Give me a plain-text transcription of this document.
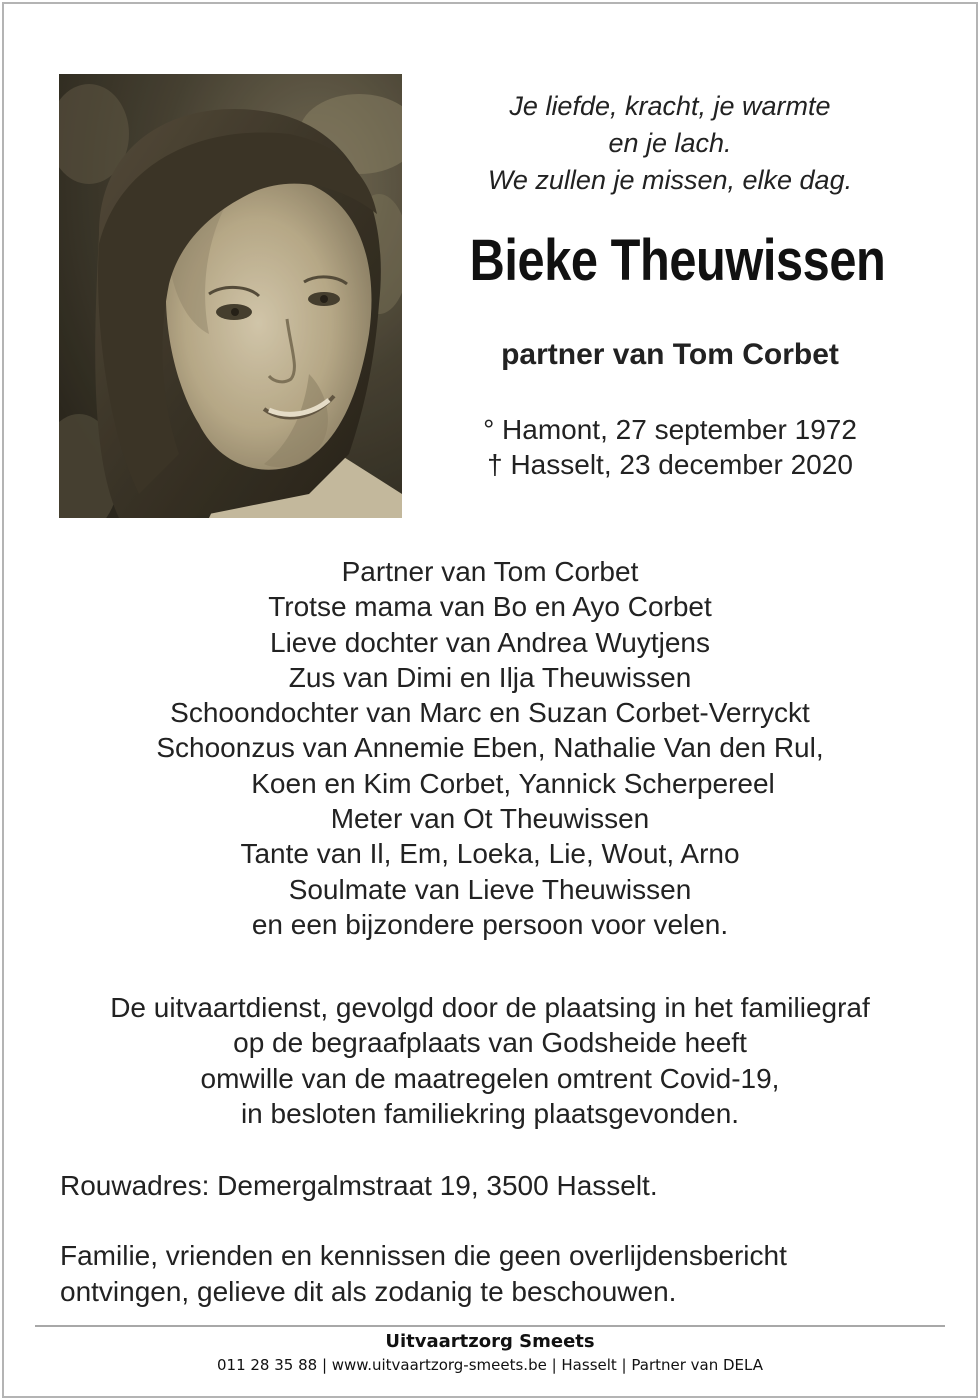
Je liefde, kracht, je warmte
en je lach.
We zullen je missen, elke dag.
Bieke Theuwissen
partner van Tom Corbet
° Hamont, 27 september 1972
† Hasselt, 23 december 2020
Partner van Tom Corbet
Trotse mama van Bo en Ayo Corbet
Lieve dochter van Andrea Wuytjens
Zus van Dimi en Ilja Theuwissen
Schoondochter van Marc en Suzan Corbet-Verryckt
Schoonzus van Annemie Eben, Nathalie Van den Rul,
Koen en Kim Corbet, Yannick Scherpereel
Meter van Ot Theuwissen
Tante van Il, Em, Loeka, Lie, Wout, Arno
Soulmate van Lieve Theuwissen
en een bijzondere persoon voor velen.
De uitvaartdienst, gevolgd door de plaatsing in het familiegraf
op de begraafplaats van Godsheide heeft
omwille van de maatregelen omtrent Covid-19,
in besloten familiekring plaatsgevonden.
Rouwadres: Demergalmstraat 19, 3500 Hasselt.
Familie, vrienden en kennissen die geen overlijdensbericht
ontvingen, gelieve dit als zodanig te beschouwen.
Uitvaartzorg Smeets
011 28 35 88 | www.uitvaartzorg-smeets.be | Hasselt | Partner van DELA
